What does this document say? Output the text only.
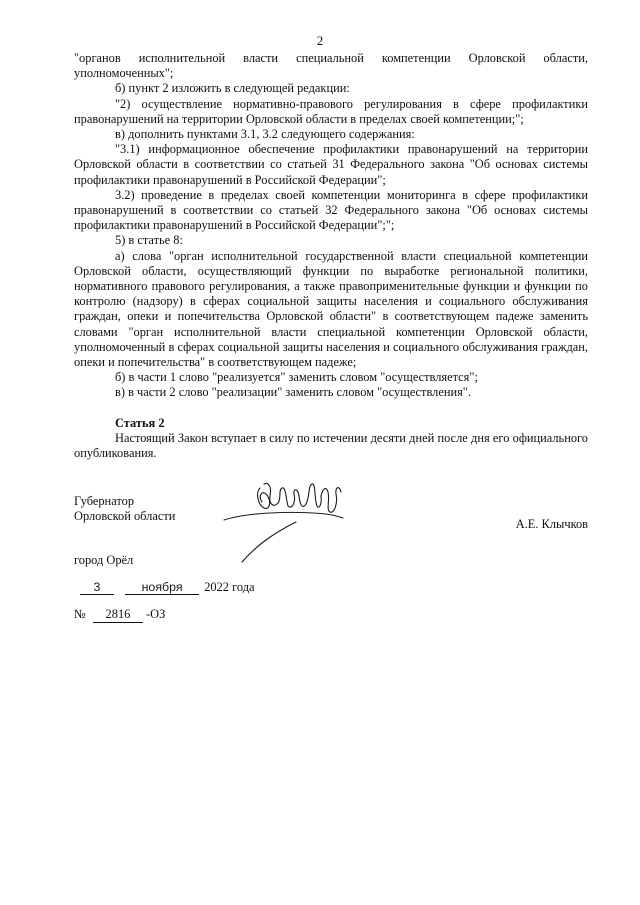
2

"органов исполнительной власти специальной компетенции Орловской области, уполномоченных";

б) пункт 2 изложить в следующей редакции:

"2) осуществление нормативно-правового регулирования в сфере профилактики правонарушений на территории Орловской области в пределах своей компетенции;";

в) дополнить пунктами 3.1, 3.2 следующего содержания:

"3.1) информационное обеспечение профилактики правонарушений на территории Орловской области в соответствии со статьей 31 Федерального закона "Об основах системы профилактики правонарушений в Российской Федерации";

3.2) проведение в пределах своей компетенции мониторинга в сфере профилактики правонарушений в соответствии со статьей 32 Федерального закона "Об основах системы профилактики правонарушений в Российской Федерации";";

5) в статье 8:

а) слова "орган исполнительной государственной власти специальной компетенции Орловской области, осуществляющий функции по выработке региональной политики, нормативного правового регулирования, а также правоприменительные функции и функции по контролю (надзору) в сферах социальной защиты населения и социального обслуживания граждан, опеки и попечительства Орловской области" в соответствующем падеже заменить словами "орган исполнительной власти специальной компетенции Орловской области, уполномоченный в сферах социальной защиты населения и социального обслуживания граждан, опеки и попечительства" в соответствующем падеже;

б) в части 1 слово "реализуется" заменить словом "осуществляется";

в) в части 2 слово "реализации" заменить словом "осуществления".

Статья 2

Настоящий Закон вступает в силу по истечении десяти дней после дня его официального опубликования.

Губернатор
Орловской области
А.Е. Клычков
город Орёл
3	ноября 2022 года
№ 2816 -ОЗ
